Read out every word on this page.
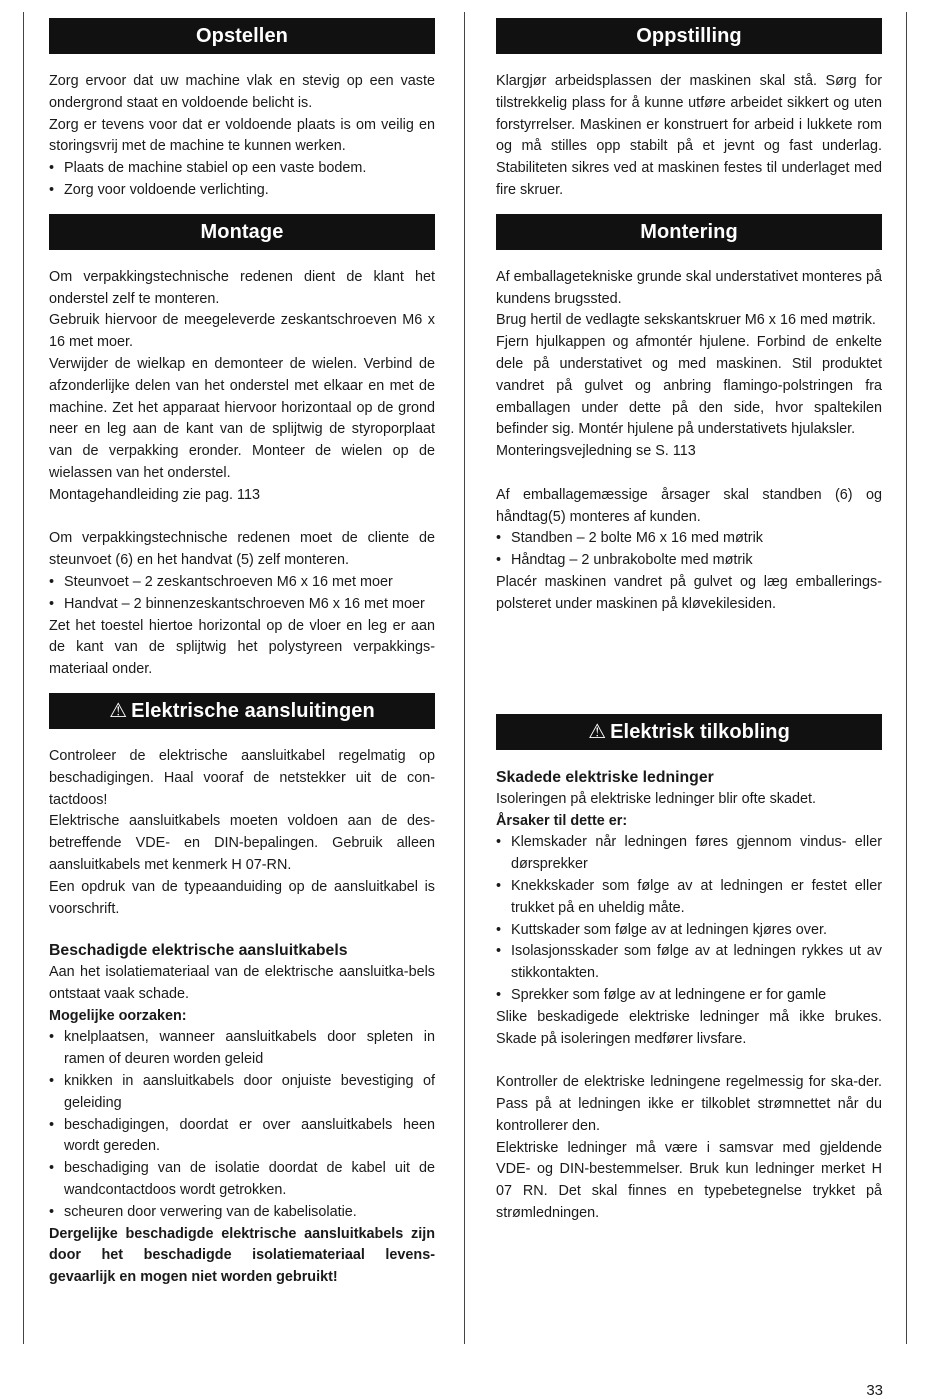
Opstellen

Zorg ervoor dat uw machine vlak en stevig op een vaste ondergrond staat en voldoende belicht is.

Zorg er tevens voor dat er voldoende plaats is om veilig en storingsvrij met de machine te kunnen werken.

• Plaats de machine stabiel op een vaste bodem.
• Zorg voor voldoende verlichting.
Montage

Om verpakkingstechnische redenen dient de klant het onderstel zelf te monteren.

Gebruik hiervoor de meegeleverde zeskantschroeven M6 x 16 met moer.

Verwijder de wielkap en demonteer de wielen. Verbind de afzonderlijke delen van het onderstel met elkaar en met de machine. Zet het apparaat hiervoor horizontaal op de grond neer en leg aan de kant van de splijtwig de styroporplaat van de verpakking eronder. Monteer de wielen op de wielassen van het onderstel.

Montagehandleiding zie pag. 113

Om verpakkingstechnische redenen moet de cliente de steunvoet (6) en het handvat (5) zelf monteren.

• Steunvoet – 2 zeskantschroeven M6 x 16 met moer
• Handvat – 2 binnenzeskantschroeven M6 x 16 met moer

Zet het toestel hiertoe horizontal op de vloer en leg er aan de kant van de splijtwig het polystyreen verpakkings-materiaal onder.

⚠ Elektrische aansluitingen

Controleer de elektrische aansluitkabel regelmatig op beschadigingen. Haal vooraf de netstekker uit de con-tactdoos!

Elektrische aansluitkabels moeten voldoen aan de des-betreffende VDE- en DIN-bepalingen. Gebruik alleen aansluitkabels met kenmerk H 07-RN.

Een opdruk van de typeaanduiding op de aansluitkabel is voorschrift.

Beschadigde elektrische aansluitkabels

Aan het isolatiemateriaal van de elektrische aansluitka-bels ontstaat vaak schade.

Mogelijke oorzaken:

• knelplaatsen, wanneer aansluitkabels door spleten in ramen of deuren worden geleid
• knikken in aansluitkabels door onjuiste bevestiging of geleiding
• beschadigingen, doordat er over aansluitkabels heen wordt gereden.
• beschadiging van de isolatie doordat de kabel uit de wandcontactdoos wordt getrokken.
• scheuren door verwering van de kabelisolatie.

Dergelijke beschadigde elektrische aansluitkabels zijn door het beschadigde isolatiemateriaal levens-gevaarlijk en mogen niet worden gebruikt!

Oppstilling

Klargjør arbeidsplassen der maskinen skal stå. Sørg for tilstrekkelig plass for å kunne utføre arbeidet sikkert og uten forstyrrelser. Maskinen er konstruert for arbeid i lukkete rom og må stilles opp stabilt på et jevnt og fast underlag. Stabiliteten sikres ved at maskinen festes til underlaget med fire skruer.

Montering

Af emballagetekniske grunde skal understativet monteres på kundens brugssted.

Brug hertil de vedlagte sekskantskruer M6 x 16 med møtrik.

Fjern hjulkappen og afmontér hjulene. Forbind de enkelte dele på understativet og med maskinen. Stil produktet vandret på gulvet og anbring flamingo-polstringen fra emballagen under dette på den side, hvor spaltekilen befinder sig. Montér hjulene på understativets hjulaksler.

Monteringsvejledning se S. 113

Af emballagemæssige årsager skal standben (6) og håndtag(5) monteres af kunden.

• Standben – 2 bolte M6 x 16 med møtrik
• Håndtag – 2 unbrakobolte med møtrik

Placér maskinen vandret på gulvet og læg emballerings-polsteret under maskinen på kløvekilesiden.

⚠ Elektrisk tilkobling

Skadede elektriske ledninger

Isoleringen på elektriske ledninger blir ofte skadet.

Årsaker til dette er:

• Klemskader når ledningen føres gjennom vindus- eller dørsprekker
• Knekkskader som følge av at ledningen er festet eller trukket på en uheldig måte.
• Kuttskader som følge av at ledningen kjøres over.
• Isolasjonsskader som følge av at ledningen rykkes ut av stikkontakten.
• Sprekker som følge av at ledningene er for gamle

Slike beskadigede elektriske ledninger må ikke brukes. Skade på isoleringen medfører livsfare.

Kontroller de elektriske ledningene regelmessig for ska-der. Pass på at ledningen ikke er tilkoblet strømnettet når du kontrollerer den.

Elektriske ledninger må være i samsvar med gjeldende VDE- og DIN-bestemmelser. Bruk kun ledninger merket H 07 RN. Det skal finnes en typebetegnelse trykket på strømledningen.

33
